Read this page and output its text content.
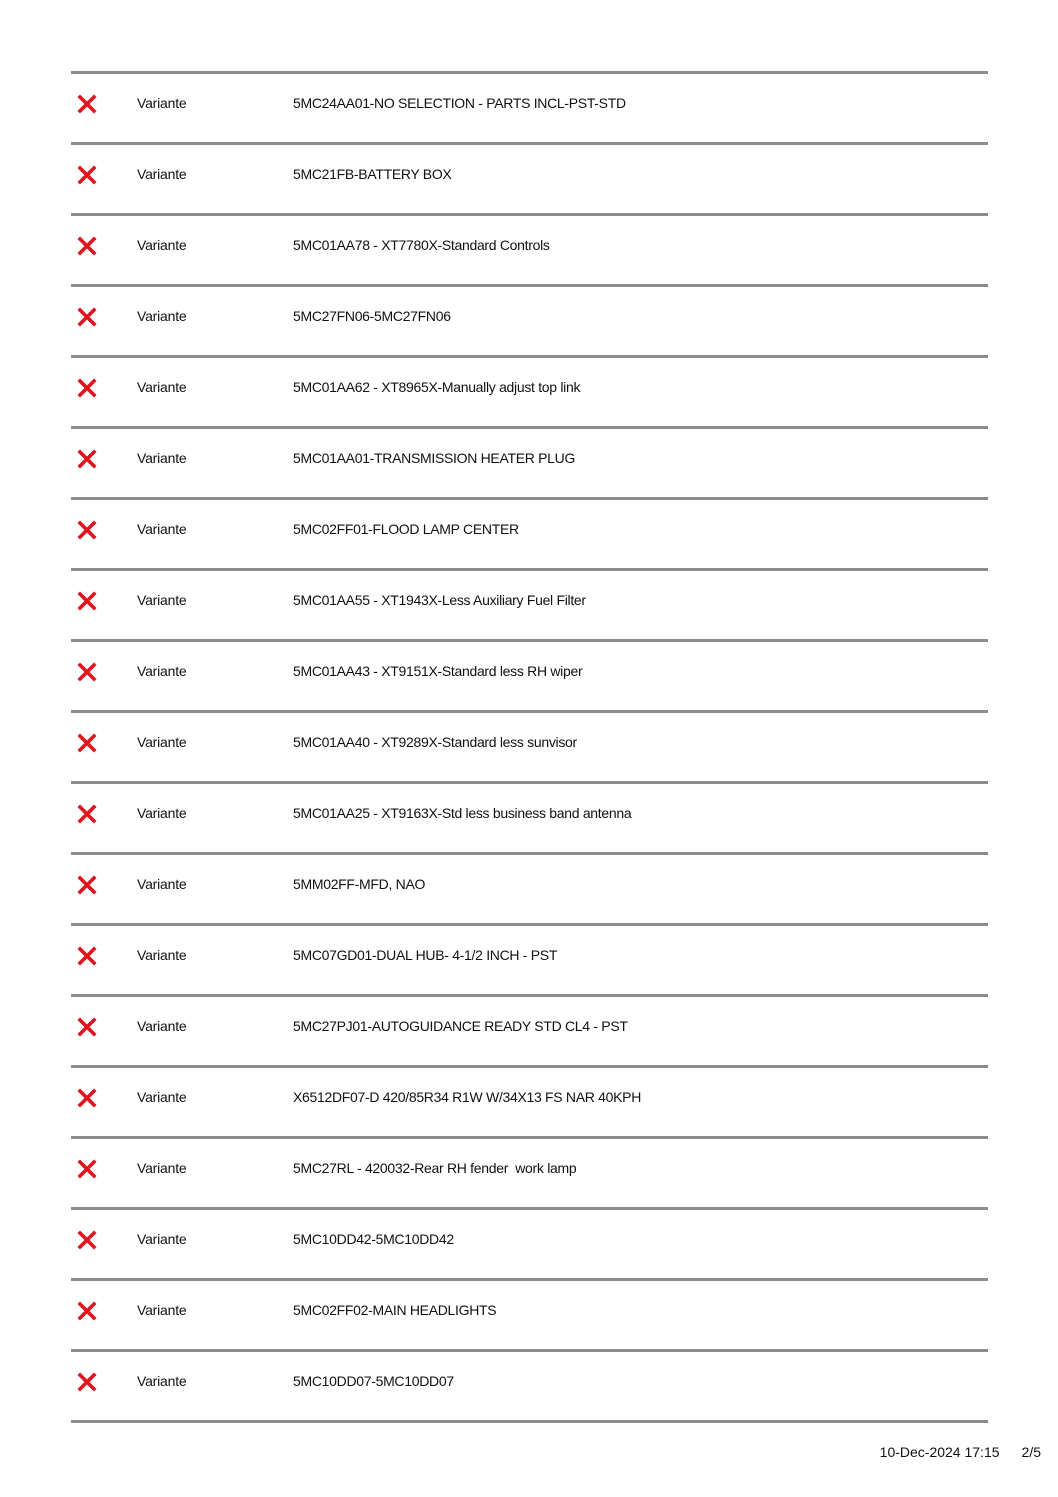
Variante	5MC24AA01-NO SELECTION - PARTS INCL-PST-STD
Variante	5MC21FB-BATTERY BOX
Variante	5MC01AA78 - XT7780X-Standard Controls
Variante	5MC27FN06-5MC27FN06
Variante	5MC01AA62 - XT8965X-Manually adjust top link
Variante	5MC01AA01-TRANSMISSION HEATER PLUG
Variante	5MC02FF01-FLOOD LAMP CENTER
Variante	5MC01AA55 - XT1943X-Less Auxiliary Fuel Filter
Variante	5MC01AA43 - XT9151X-Standard less RH wiper
Variante	5MC01AA40 - XT9289X-Standard less sunvisor
Variante	5MC01AA25 - XT9163X-Std less business band antenna
Variante	5MM02FF-MFD, NAO
Variante	5MC07GD01-DUAL HUB- 4-1/2 INCH - PST
Variante	5MC27PJ01-AUTOGUIDANCE READY STD CL4 - PST
Variante	X6512DF07-D 420/85R34 R1W W/34X13 FS NAR 40KPH
Variante	5MC27RL - 420032-Rear RH fender  work lamp
Variante	5MC10DD42-5MC10DD42
Variante	5MC02FF02-MAIN HEADLIGHTS
Variante	5MC10DD07-5MC10DD07
10-Dec-2024 17:15 2/5
